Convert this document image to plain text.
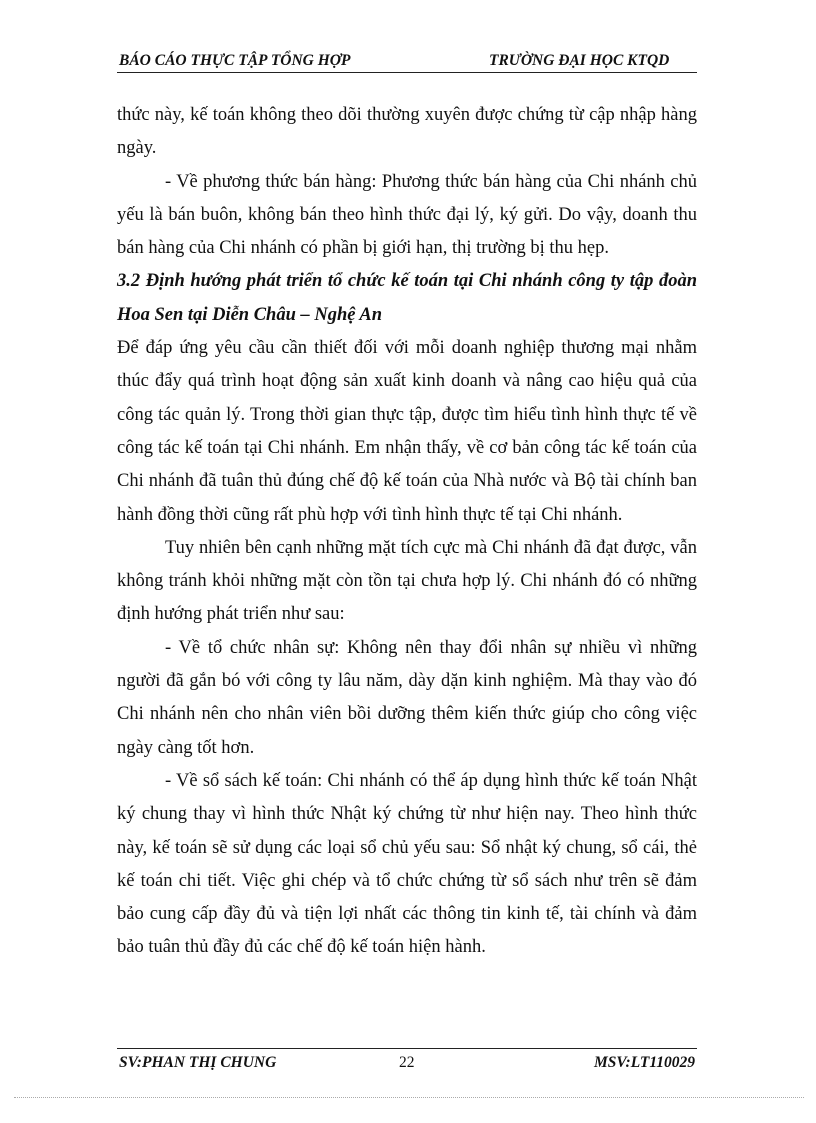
BÁO CÁO THỰC TẬP TỔNG HỢP	TRƯỜNG ĐẠI HỌC KTQD

thức này, kế toán không theo dõi thường xuyên được chứng từ cập nhập hàng ngày.

- Về phương thức bán hàng: Phương thức bán hàng của Chi nhánh chủ yếu là bán buôn, không bán theo hình thức đại lý, ký gửi. Do vậy, doanh thu bán hàng của Chi nhánh có phần bị giới hạn, thị trường bị thu hẹp.

3.2 Định hướng phát triển tổ chức kế toán tại Chi nhánh công ty tập đoàn Hoa Sen tại Diễn Châu – Nghệ An

Để đáp ứng yêu cầu cần thiết đối với mỗi doanh nghiệp thương mại nhằm thúc đẩy quá trình hoạt động sản xuất kinh doanh và nâng cao hiệu quả của công tác quản lý. Trong thời gian thực tập, được tìm hiểu tình hình thực tế về công tác kế toán tại Chi nhánh. Em nhận thấy, về cơ bản công tác kế toán của Chi nhánh đã tuân thủ đúng chế độ kế toán của Nhà nước và Bộ tài chính ban hành đồng thời cũng rất phù hợp với tình hình thực tế tại Chi nhánh.

Tuy nhiên bên cạnh những mặt tích cực mà Chi nhánh đã đạt được, vẫn không tránh khỏi những mặt còn tồn tại chưa hợp lý. Chi nhánh đó có những định hướng phát triển như sau:

- Về tổ chức nhân sự: Không nên thay đổi nhân sự nhiều vì những người đã gắn bó với công ty lâu năm, dày dặn kinh nghiệm. Mà thay vào đó Chi nhánh nên cho nhân viên bồi dưỡng thêm kiến thức giúp cho công việc ngày càng tốt hơn.

- Về sổ sách kế toán: Chi nhánh có thể áp dụng hình thức kế toán Nhật ký chung thay vì hình thức Nhật ký chứng từ như hiện nay. Theo hình thức này, kế toán sẽ sử dụng các loại sổ chủ yếu sau: Sổ nhật ký chung, sổ cái, thẻ kế toán chi tiết. Việc ghi chép và tổ chức chứng từ sổ sách như trên sẽ đảm bảo cung cấp đầy đủ và tiện lợi nhất các thông tin kinh tế, tài chính và đảm bảo tuân thủ đầy đủ các chế độ kế toán hiện hành.

SV:PHAN THỊ CHUNG	22	MSV:LT110029
